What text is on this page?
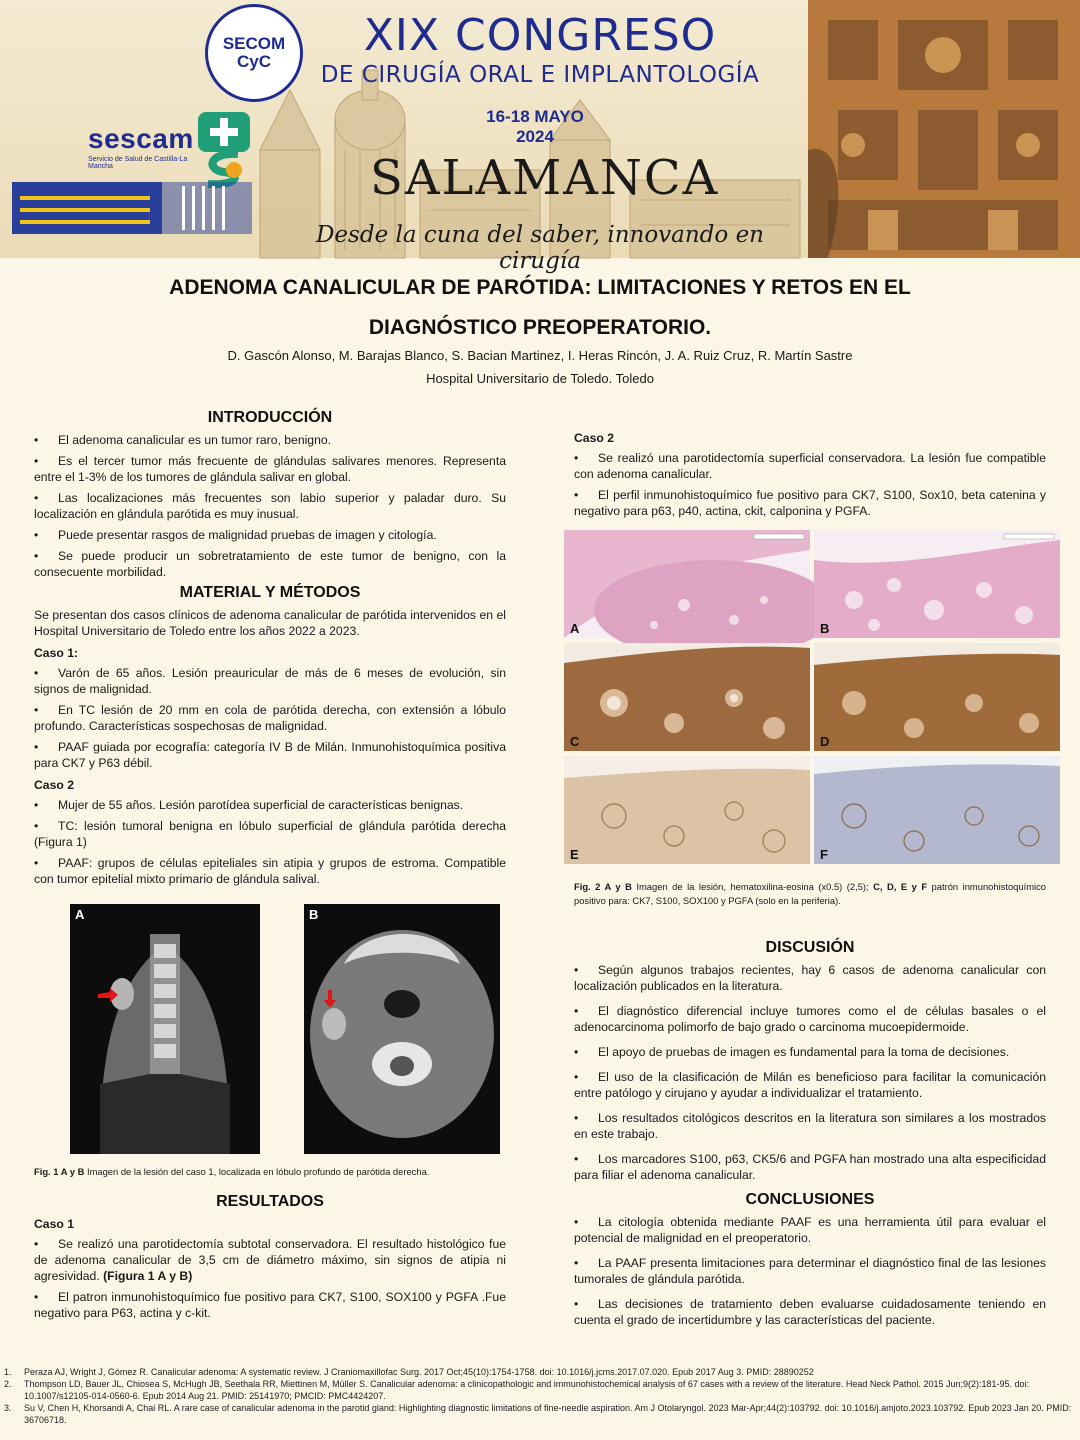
XIX CONGRESO
DE CIRUGÍA ORAL E IMPLANTOLOGÍA
16-18 MAYO
2024
SALAMANCA
Desde la cuna del saber, innovando en cirugía
SECOM
CyC
sescam
Servicio de Salud de Castilla-La Mancha
ADENOMA CANALICULAR DE PARÓTIDA: LIMITACIONES Y RETOS EN EL
DIAGNÓSTICO PREOPERATORIO.
D. Gascón Alonso, M. Barajas Blanco, S. Bacian Martinez, I. Heras Rincón, J. A. Ruiz Cruz, R. Martín Sastre
Hospital Universitario de Toledo. Toledo
INTRODUCCIÓN
• El adenoma canalicular es un tumor raro, benigno.
• Es el tercer tumor más frecuente de glándulas salivares menores. Representa entre el 1-3% de los tumores de glándula salivar en global.
• Las localizaciones más frecuentes son labio superior y paladar duro. Su localización en glándula parótida es muy inusual.
• Puede presentar rasgos de malignidad pruebas de imagen y citología.
• Se puede producir un sobretratamiento de este tumor de benigno, con la consecuente morbilidad.
MATERIAL Y MÉTODOS

Se presentan dos casos clínicos de adenoma canalicular de parótida intervenidos en el Hospital Universitario de Toledo entre los años 2022 a 2023.

Caso 1:
• Varón de 65 años. Lesión preauricular de más de 6 meses de evolución, sin signos de malignidad.
• En TC lesión de 20 mm en cola de parótida derecha, con extensión a lóbulo profundo. Características sospechosas de malignidad.
• PAAF guiada por ecografía: categoría IV B de Milán. Inmunohistoquímica positiva para CK7 y P63 débil.
Caso 2
• Mujer de 55 años. Lesión parotídea superficial de características benignas.
• TC: lesión tumoral benigna en lóbulo superficial de glándula parótida derecha (Figura 1)
• PAAF: grupos de células epiteliales sin atipia y grupos de estroma. Compatible con tumor epitelial mixto primario de glándula salival.
A	B
Fig. 1 A y B Imagen de la lesión del caso 1, localizada en lóbulo profundo de parótida derecha.
RESULTADOS
Caso 1
• Se realizó una parotidectomía subtotal conservadora. El resultado histológico fue de adenoma canalicular de 3,5 cm de diámetro máximo, sin signos de atipia ni agresividad. (Figura 1 A y B)
• El patron inmunohistoquímico fue positivo para CK7, S100, SOX100 y PGFA .Fue negativo para P63, actina y c-kit.
Caso 2
• Se realizó una parotidectomía superficial conservadora. La lesión fue compatible con adenoma canalicular.
• El perfil inmunohistoquímico fue positivo para CK7, S100, Sox10, beta catenina y negativo para p63, p40, actina, ckit, calponina y PGFA.
A	B
C	D
E	F
Fig. 2 A y B Imagen de la lesión, hematoxilina-eosina (x0.5) (2,5); C, D, E y F patrón inmunohistoquímico positivo para: CK7, S100, SOX100 y PGFA (solo en la periferia).
DISCUSIÓN
• Según algunos trabajos recientes, hay 6 casos de adenoma canalicular con localización publicados en la literatura.
• El diagnóstico diferencial incluye tumores como el de células basales o el adenocarcinoma polimorfo de bajo grado o carcinoma mucoepidermoide.
• El apoyo de pruebas de imagen es fundamental para la toma de decisiones.
• El uso de la clasificación de Milán es beneficioso para facilitar la comunicación entre patólogo y cirujano y ayudar a individualizar el tratamiento.
• Los resultados citológicos descritos en la literatura son similares a los mostrados en este trabajo.
• Los marcadores S100, p63, CK5/6 and PGFA han mostrado una alta especificidad para filiar el adenoma canalicular.
CONCLUSIONES
• La citología obtenida mediante PAAF es una herramienta útil para evaluar el potencial de malignidad en el preoperatorio.
• La PAAF presenta limitaciones para determinar el diagnóstico final de las lesiones tumorales de glándula parótida.
• Las decisiones de tratamiento deben evaluarse cuidadosamente teniendo en cuenta el grado de incertidumbre y las características del paciente.
1. Peraza AJ, Wright J, Gómez R. Canalicular adenoma: A systematic review. J Craniomaxillofac Surg. 2017 Oct;45(10):1754-1758. doi: 10.1016/j.jcms.2017.07.020. Epub 2017 Aug 3. PMID: 28890252
2. Thompson LD, Bauer JL, Chiosea S, McHugh JB, Seethala RR, Miettinen M, Müller S. Canalicular adenoma: a clinicopathologic and immunohistochemical analysis of 67 cases with a review of the literature. Head Neck Pathol. 2015 Jun;9(2):181-95. doi: 10.1007/s12105-014-0560-6. Epub 2014 Aug 21. PMID: 25141970; PMCID: PMC4424207.
3. Su V, Chen H, Khorsandi A, Chai RL. A rare case of canalicular adenoma in the parotid gland: Highlighting diagnostic limitations of fine-needle aspiration. Am J Otolaryngol. 2023 Mar-Apr;44(2):103792. doi: 10.1016/j.amjoto.2023.103792. Epub 2023 Jan 20. PMID: 36706718.
